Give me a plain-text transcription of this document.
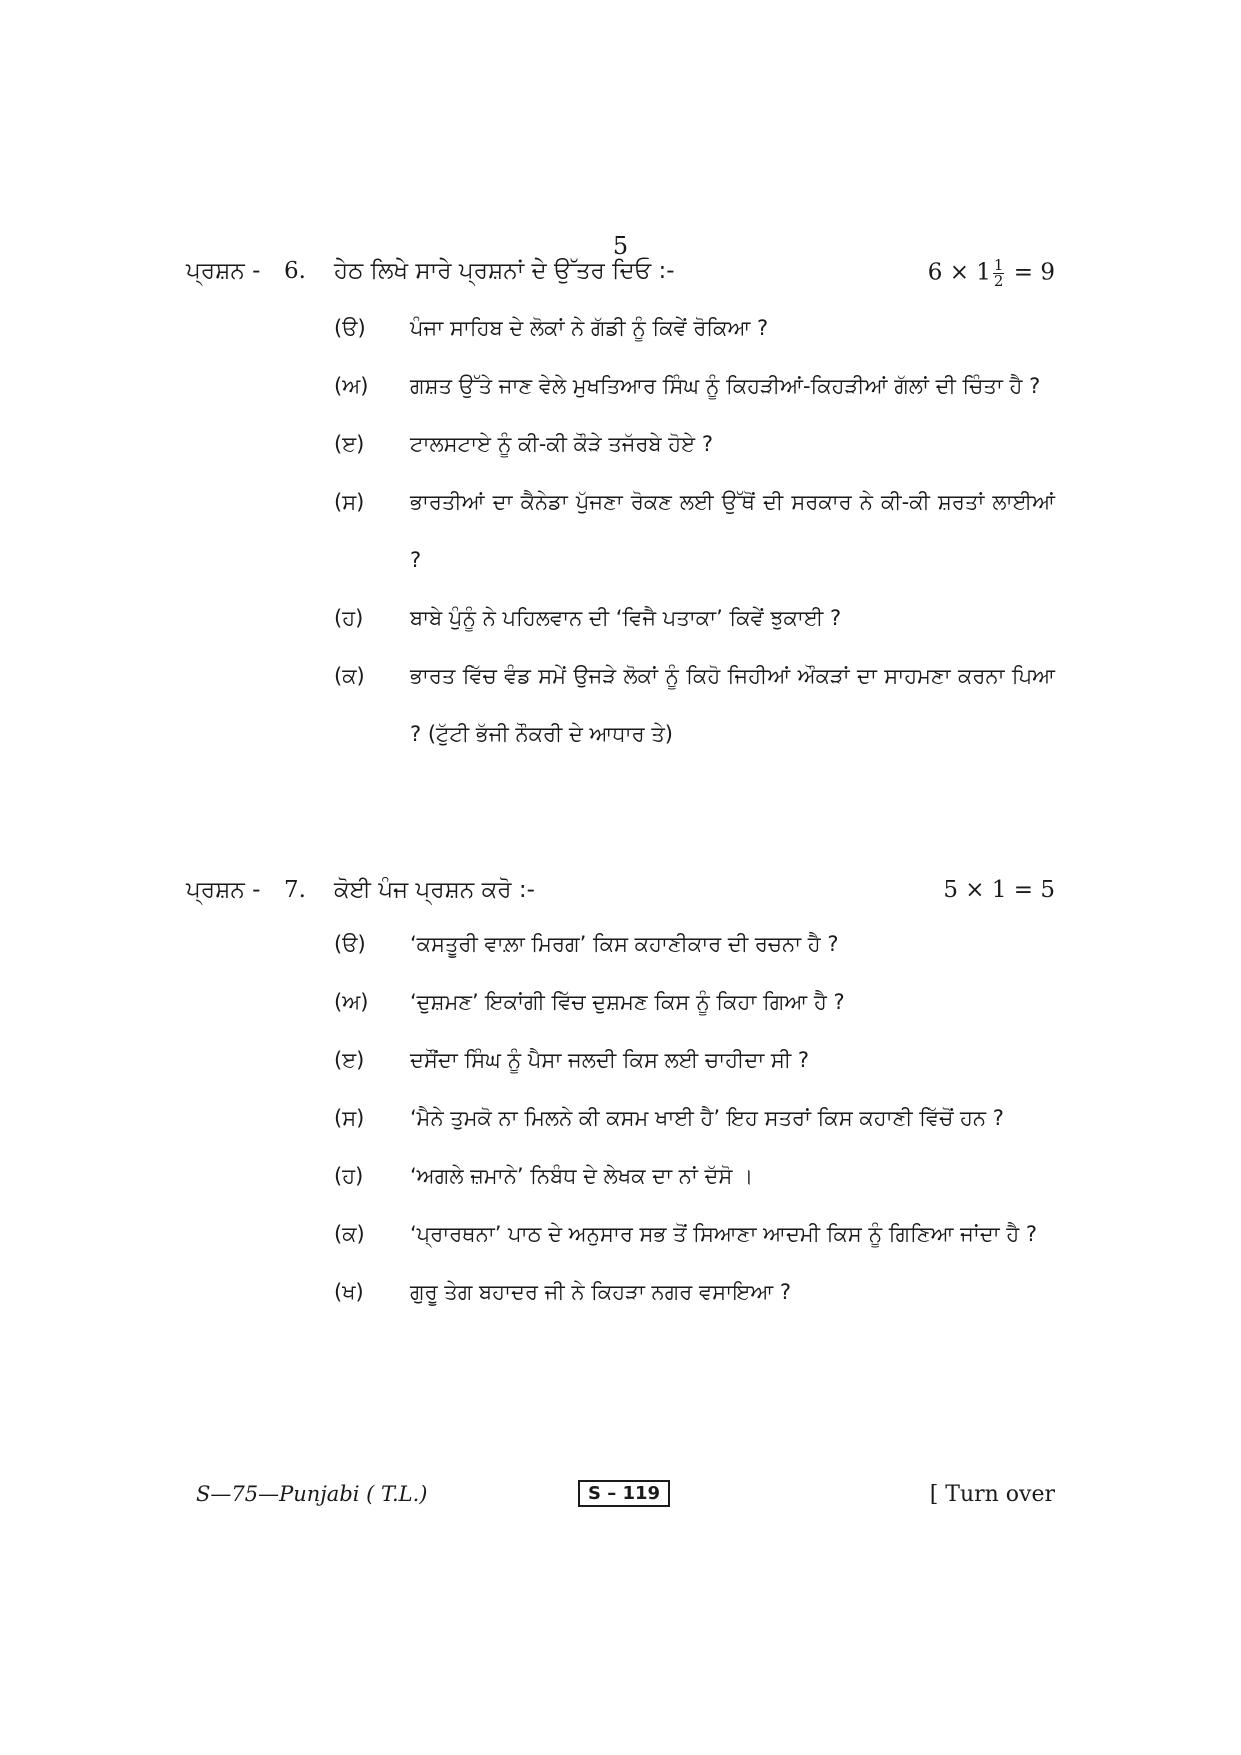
5
ਪ੍ਰਸ਼ਨ - 6. ਹੇਠ ਲਿਖੇ ਸਾਰੇ ਪ੍ਰਸ਼ਨਾਂ ਦੇ ਉੱਤਰ ਦਿਓ :-	$6 \times 1 \frac{1}{2} = 9$
(ੳ) ਪੰਜਾ ਸਾਹਿਬ ਦੇ ਲੋਕਾਂ ਨੇ ਗੱਡੀ ਨੂੰ ਕਿਵੇਂ ਰੋਕਿਆ ?
(ਅ) ਗਸ਼ਤ ਉੱਤੇ ਜਾਣ ਵੇਲੇ ਮੁਖਤਿਆਰ ਸਿੰਘ ਨੂੰ ਕਿਹੜੀਆਂ-ਕਿਹੜੀਆਂ ਗੱਲਾਂ ਦੀ ਚਿੰਤਾ ਹੈ ?
(ੲ) ਟਾਲਸਟਾਏ ਨੂੰ ਕੀ-ਕੀ ਕੌੜੇ ਤਜੱਰਬੇ ਹੋਏ ?
(ਸ) ਭਾਰਤੀਆਂ ਦਾ ਕੈਨੇਡਾ ਪੁੱਜਣਾ ਰੋਕਣ ਲਈ ਉੱਥੋਂ ਦੀ ਸਰਕਾਰ ਨੇ ਕੀ-ਕੀ ਸ਼ਰਤਾਂ ਲਾਈਆਂ ?
(ਹ) ਬਾਬੇ ਪੁੰਨੂੰ ਨੇ ਪਹਿਲਵਾਨ ਦੀ ‘ਵਿਜੈ ਪਤਾਕਾ’ ਕਿਵੇਂ ਝੁਕਾਈ ?
(ਕ) ਭਾਰਤ ਵਿੱਚ ਵੰਡ ਸਮੇਂ ਉਜੜੇ ਲੋਕਾਂ ਨੂੰ ਕਿਹੋ ਜਿਹੀਆਂ ਔਕੜਾਂ ਦਾ ਸਾਹਮਣਾ ਕਰਨਾ ਪਿਆ ? (ਟੁੱਟੀ ਭੱਜੀ ਨੌਕਰੀ ਦੇ ਆਧਾਰ ਤੇ)
ਪ੍ਰਸ਼ਨ - 7. ਕੋਈ ਪੰਜ ਪ੍ਰਸ਼ਨ ਕਰੋ :-	5 × 1 = 5
(ੳ) ‘ਕਸਤੂਰੀ ਵਾਲ਼ਾ ਮਿਰਗ’ ਕਿਸ ਕਹਾਣੀਕਾਰ ਦੀ ਰਚਨਾ ਹੈ ?
(ਅ) ‘ਦੁਸ਼ਮਣ’ ਇਕਾਂਗੀ ਵਿੱਚ ਦੁਸ਼ਮਣ ਕਿਸ ਨੂੰ ਕਿਹਾ ਗਿਆ ਹੈ ?
(ੲ) ਦਸੌਂਦਾ ਸਿੰਘ ਨੂੰ ਪੈਸਾ ਜਲਦੀ ਕਿਸ ਲਈ ਚਾਹੀਦਾ ਸੀ ?
(ਸ) ‘ਮੈਨੇ ਤੁਮਕੋ ਨਾ ਮਿਲਨੇ ਕੀ ਕਸਮ ਖਾਈ ਹੈ’ ਇਹ ਸਤਰਾਂ ਕਿਸ ਕਹਾਣੀ ਵਿੱਚੋਂ ਹਨ ?
(ਹ) ‘ਅਗਲੇ ਜ਼ਮਾਨੇ’ ਨਿਬੰਧ ਦੇ ਲੇਖਕ ਦਾ ਨਾਂ ਦੱਸੋ ।
(ਕ) ‘ਪ੍ਰਾਰਥਨਾ’ ਪਾਠ ਦੇ ਅਨੁਸਾਰ ਸਭ ਤੋਂ ਸਿਆਣਾ ਆਦਮੀ ਕਿਸ ਨੂੰ ਗਿਣਿਆ ਜਾਂਦਾ ਹੈ ?
(ਖ) ਗੁਰੂ ਤੇਗ ਬਹਾਦਰ ਜੀ ਨੇ ਕਿਹੜਾ ਨਗਰ ਵਸਾਇਆ ?
S—75—Punjabi ( T.L.)	S – 119	[ Turn over
